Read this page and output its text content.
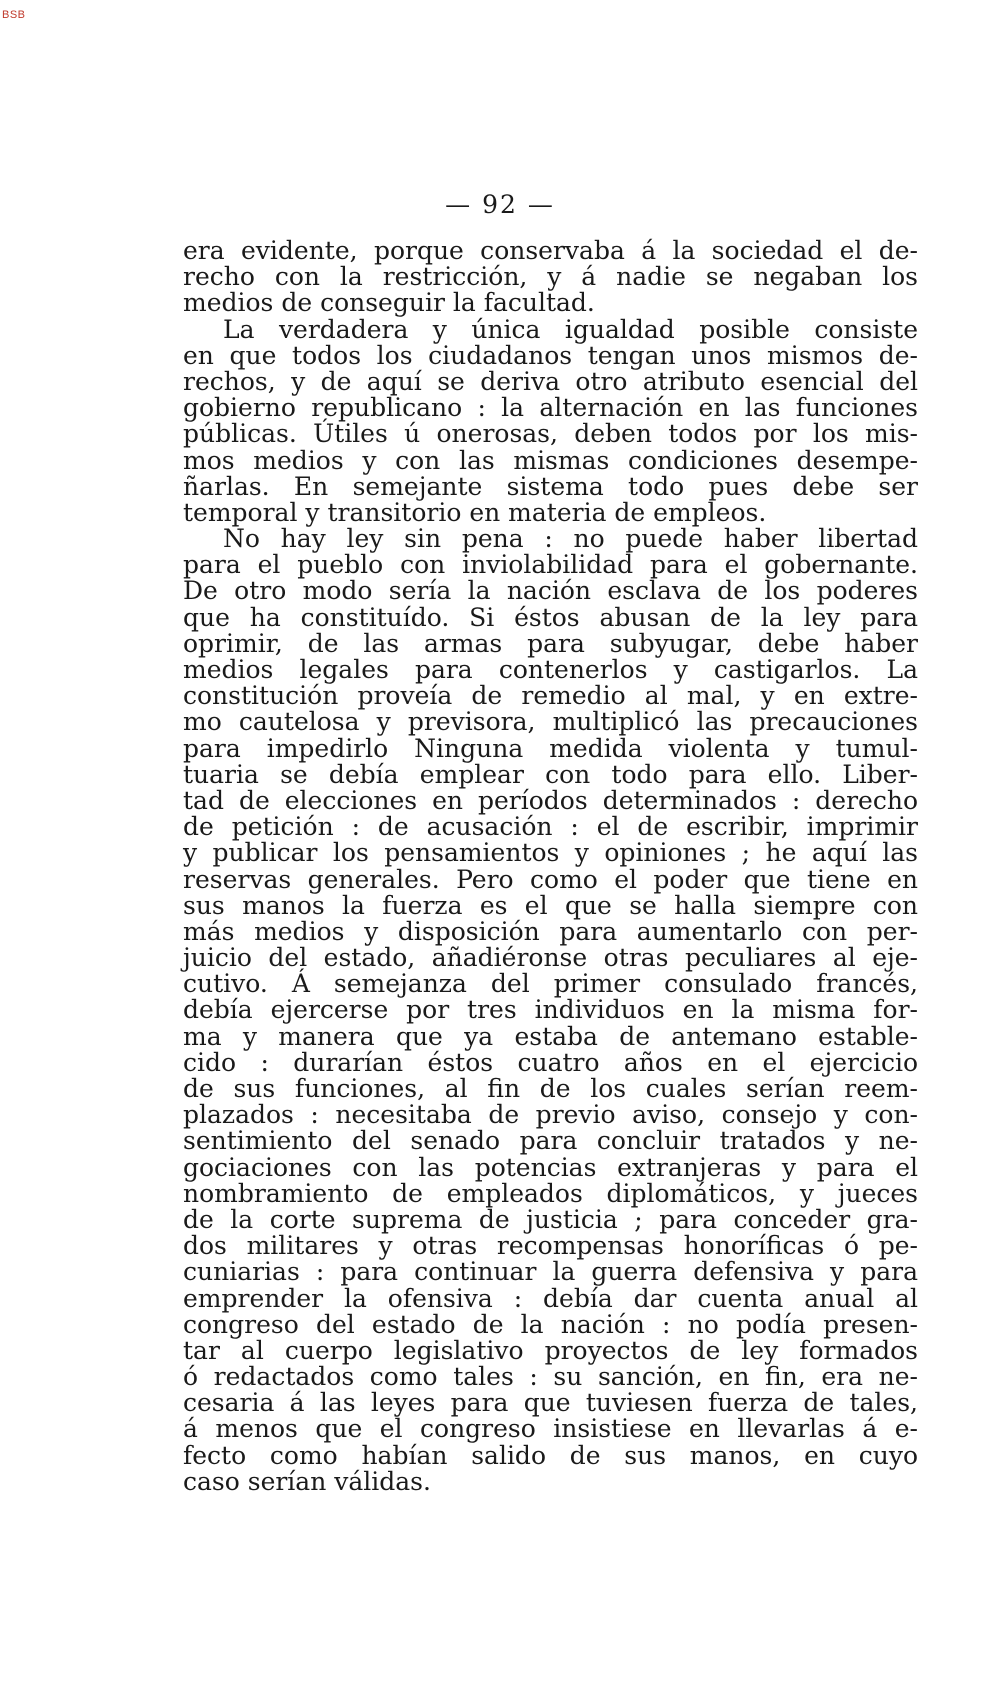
BSB
— 92 —
era evidente, porque conservaba á la sociedad el de-
recho con la restricción, y á nadie se negaban los
medios de conseguir la facultad.
La verdadera y única igualdad posible consiste
en que todos los ciudadanos tengan unos mismos de-
rechos, y de aquí se deriva otro atributo esencial del
gobierno republicano : la alternación en las funciones
públicas. Útiles ú onerosas, deben todos por los mis-
mos medios y con las mismas condiciones desempe-
ñarlas. En semejante sistema todo pues debe ser
temporal y transitorio en materia de empleos.
No hay ley sin pena : no puede haber libertad
para el pueblo con inviolabilidad para el gobernante.
De otro modo sería la nación esclava de los poderes
que ha constituído. Si éstos abusan de la ley para
oprimir, de las armas para subyugar, debe haber
medios legales para contenerlos y castigarlos. La
constitución proveía de remedio al mal, y en extre-
mo cautelosa y previsora, multiplicó las precauciones
para impedirlo Ninguna medida violenta y tumul-
tuaria se debía emplear con todo para ello. Liber-
tad de elecciones en períodos determinados : derecho
de petición : de acusación : el de escribir, imprimir
y publicar los pensamientos y opiniones ; he aquí las
reservas generales. Pero como el poder que tiene en
sus manos la fuerza es el que se halla siempre con
más medios y disposición para aumentarlo con per-
juicio del estado, añadiéronse otras peculiares al eje-
cutivo. Á semejanza del primer consulado francés,
debía ejercerse por tres individuos en la misma for-
ma y manera que ya estaba de antemano estable-
cido : durarían éstos cuatro años en el ejercicio
de sus funciones, al fin de los cuales serían reem-
plazados : necesitaba de previo aviso, consejo y con-
sentimiento del senado para concluir tratados y ne-
gociaciones con las potencias extranjeras y para el
nombramiento de empleados diplomáticos, y jueces
de la corte suprema de justicia ; para conceder gra-
dos militares y otras recompensas honoríficas ó pe-
cuniarias : para continuar la guerra defensiva y para
emprender la ofensiva : debía dar cuenta anual al
congreso del estado de la nación : no podía presen-
tar al cuerpo legislativo proyectos de ley formados
ó redactados como tales : su sanción, en fin, era ne-
cesaria á las leyes para que tuviesen fuerza de tales,
á menos que el congreso insistiese en llevarlas á e-
fecto como habían salido de sus manos, en cuyo
caso serían válidas.
